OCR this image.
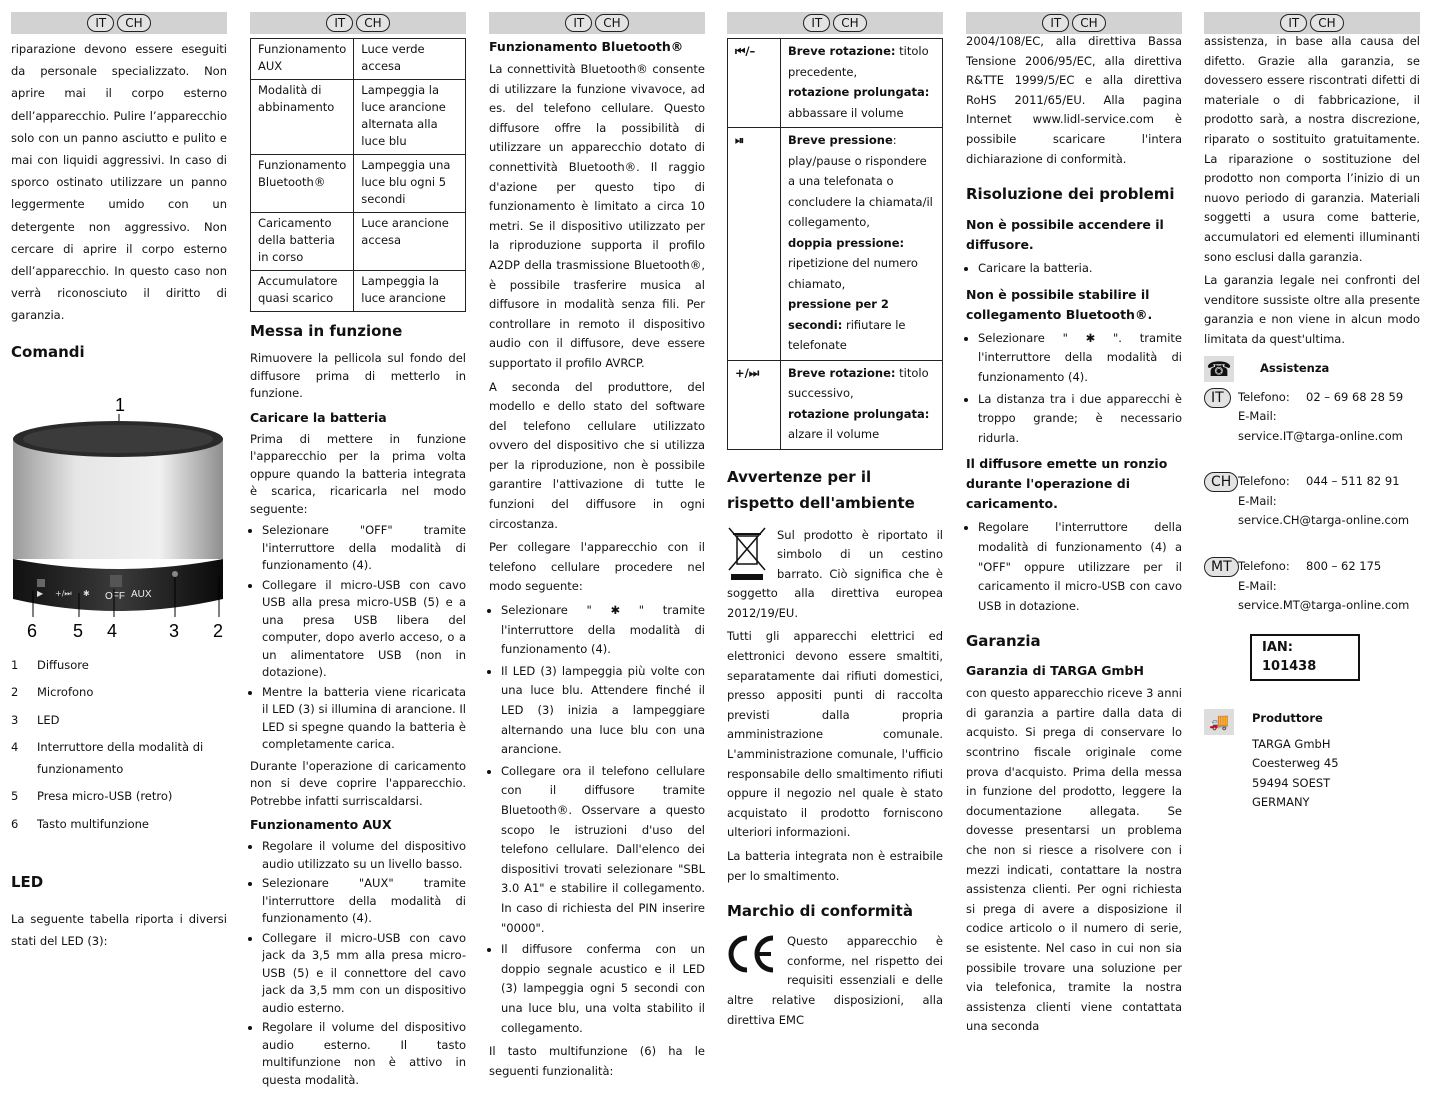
IT	CH

riparazione devono essere eseguiti da personale specializzato. Non aprire mai il corpo esterno dell’apparecchio. Pulire l’apparecchio solo con un panno asciutto e pulito e mai con liquidi aggressivi. In caso di sporco ostinato utilizzare un panno leggermente umido con un detergente non aggressivo. Non cercare di aprire il corpo esterno dell’apparecchio. In questo caso non verrà riconosciuto il diritto di garanzia.

Comandi
1
▶ +/⏭ ✱ OFF AUX
6 5 4	3 2
1	Diffusore
2	Microfono
3	LED
4	Interruttore della modalità di funzionamento
5	Presa micro-USB (retro)
6	Tasto multifunzione
LED

La seguente tabella riporta i diversi stati del LED (3):

IT	CH
Funzionamento AUX	Luce verde accesa
Modalità di abbinamento	Lampeggia la luce arancione alternata alla luce blu
Funzionamento Bluetooth®	Lampeggia una luce blu ogni 5 secondi
Caricamento della batteria in corso	Luce arancione accesa
Accumulatore quasi scarico	Lampeggia la luce arancione
Messa in funzione

Rimuovere la pellicola sul fondo del diffusore prima di metterlo in funzione.

Caricare la batteria

Prima di mettere in funzione l'apparecchio per la prima volta oppure quando la batteria integrata è scarica, ricaricarla nel modo seguente:

• Selezionare "OFF" tramite l'interruttore della modalità di funzionamento (4).
• Collegare il micro-USB con cavo USB alla presa micro-USB (5) e a una presa USB libera del computer, dopo averlo acceso, o a un alimentatore USB (non in dotazione).
• Mentre la batteria viene ricaricata il LED (3) si illumina di arancione. Il LED si spegne quando la batteria è completamente carica.

Durante l'operazione di caricamento non si deve coprire l'apparecchio. Potrebbe infatti surriscaldarsi.

Funzionamento AUX
• Regolare il volume del dispositivo audio utilizzato su un livello basso.
• Selezionare "AUX" tramite l'interruttore della modalità di funzionamento (4).
• Collegare il micro-USB con cavo jack da 3,5 mm alla presa micro-USB (5) e il connettore del cavo jack da 3,5 mm con un dispositivo audio esterno.
• Regolare il volume del dispositivo audio esterno. Il tasto multifunzione non è attivo in questa modalità.
IT	CH
Funzionamento Bluetooth®

La connettività Bluetooth® consente di utilizzare la funzione vivavoce, ad es. del telefono cellulare. Questo diffusore offre la possibilità di utilizzare un apparecchio dotato di connettività Bluetooth®. Il raggio d'azione per questo tipo di funzionamento è limitato a circa 10 metri. Se il dispositivo utilizzato per la riproduzione supporta il profilo A2DP della trasmissione Bluetooth®, è possibile trasferire musica al diffusore in modalità senza fili. Per controllare in remoto il dispositivo audio con il diffusore, deve essere supportato il profilo AVRCP.

A seconda del produttore, del modello e dello stato del software del telefono cellulare utilizzato ovvero del dispositivo che si utilizza per la riproduzione, non è possibile garantire l'attivazione di tutte le funzioni del diffusore in ogni circostanza.

Per collegare l'apparecchio con il telefono cellulare procedere nel modo seguente:

• Selezionare " ✱ " tramite l'interruttore della modalità di funzionamento (4).
• Il LED (3) lampeggia più volte con una luce blu. Attendere finché il LED (3) inizia a lampeggiare alternando una luce blu con una arancione.
• Collegare ora il telefono cellulare con il diffusore tramite Bluetooth®. Osservare a questo scopo le istruzioni d'uso del telefono cellulare. Dall'elenco dei dispositivi trovati selezionare "SBL 3.0 A1" e stabilire il collegamento. In caso di richiesta del PIN inserire "0000".
• Il diffusore conferma con un doppio segnale acustico e il LED (3) lampeggia ogni 5 secondi con una luce blu, una volta stabilito il collegamento.

Il tasto multifunzione (6) ha le seguenti funzionalità:

IT	CH
⏮/–	Breve rotazione: titolo precedente,
rotazione prolungata:
abbassare il volume
⏯	Breve pressione: play/pause o rispondere a una telefonata o concludere la chiamata/il collegamento,
doppia pressione:
ripetizione del numero chiamato,
pressione per 2 secondi: rifiutare le telefonate
+/⏭	Breve rotazione: titolo successivo,
rotazione prolungata:
alzare il volume
Avvertenze per il rispetto dell'ambiente

Sul prodotto è riportato il simbolo di un cestino barrato. Ciò significa che è soggetto alla direttiva europea 2012/19/EU.

Tutti gli apparecchi elettrici ed elettronici devono essere smaltiti, separatamente dai rifiuti domestici, presso appositi punti di raccolta previsti dalla propria amministrazione comunale. L'amministrazione comunale, l'ufficio responsabile dello smaltimento rifiuti oppure il negozio nel quale è stato acquistato il prodotto forniscono ulteriori informazioni.

La batteria integrata non è estraibile per lo smaltimento.

Marchio di conformità

Questo apparecchio è conforme, nel rispetto dei requisiti essenziali e delle altre relative disposizioni, alla direttiva EMC

IT	CH

2004/108/EC, alla direttiva Bassa Tensione 2006/95/EC, alla direttiva R&TTE 1999/5/EC e alla direttiva RoHS 2011/65/EU. Alla pagina Internet www.lidl-service.com è possibile scaricare l'intera dichiarazione di conformità.

Risoluzione dei problemi
Non è possibile accendere il diffusore.
• Caricare la batteria.
Non è possibile stabilire il collegamento Bluetooth®.
• Selezionare " ✱ ". tramite l'interruttore della modalità di funzionamento (4).
• La distanza tra i due apparecchi è troppo grande; è necessario ridurla.
Il diffusore emette un ronzio durante l'operazione di caricamento.
• Regolare l'interruttore della modalità di funzionamento (4) a "OFF" oppure utilizzare per il caricamento il micro-USB con cavo USB in dotazione.
Garanzia
Garanzia di TARGA GmbH

con questo apparecchio riceve 3 anni di garanzia a partire dalla data di acquisto. Si prega di conservare lo scontrino fiscale originale come prova d'acquisto. Prima della messa in funzione del prodotto, leggere la documentazione allegata. Se dovesse presentarsi un problema che non si riesce a risolvere con i mezzi indicati, contattare la nostra assistenza clienti. Per ogni richiesta si prega di avere a disposizione il codice articolo o il numero di serie, se esistente. Nel caso in cui non sia possibile trovare una soluzione per via telefonica, tramite la nostra assistenza clienti viene contattata una seconda

IT	CH

assistenza, in base alla causa del difetto. Grazie alla garanzia, se dovessero essere riscontrati difetti di materiale o di fabbricazione, il prodotto sarà, a nostra discrezione, riparato o sostituito gratuitamente. La riparazione o sostituzione del prodotto non comporta l’inizio di un nuovo periodo di garanzia. Materiali soggetti a usura come batterie, accumulatori ed elementi illuminanti sono esclusi dalla garanzia.

La garanzia legale nei confronti del venditore sussiste oltre alla presente garanzia e non viene in alcun modo limitata da quest'ultima.

☎ Assistenza
IT	Telefono: 02 – 69 68 28 59
E-Mail:
service.IT@targa-online.com
CH Telefono: 044 – 511 82 91
E-Mail:
service.CH@targa-online.com
MT Telefono: 800 – 62 175
E-Mail:
service.MT@targa-online.com
IAN: 101438
🚚	Produttore
TARGA GmbH
Coesterweg 45
59494 SOEST
GERMANY
